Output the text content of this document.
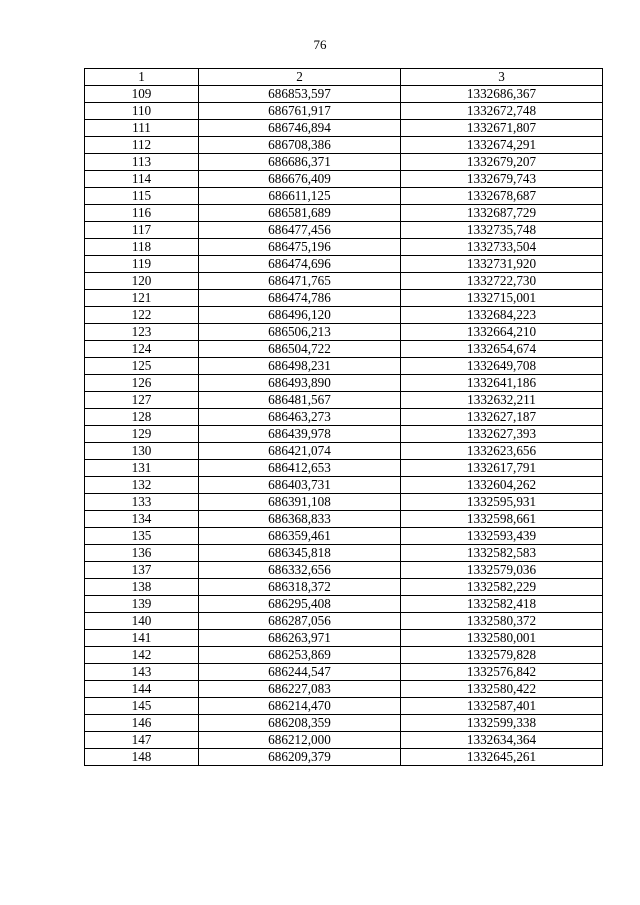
76
1	2	3
109	686853,597	1332686,367
110	686761,917	1332672,748
111	686746,894	1332671,807
112	686708,386	1332674,291
113	686686,371	1332679,207
114	686676,409	1332679,743
115	686611,125	1332678,687
116	686581,689	1332687,729
117	686477,456	1332735,748
118	686475,196	1332733,504
119	686474,696	1332731,920
120	686471,765	1332722,730
121	686474,786	1332715,001
122	686496,120	1332684,223
123	686506,213	1332664,210
124	686504,722	1332654,674
125	686498,231	1332649,708
126	686493,890	1332641,186
127	686481,567	1332632,211
128	686463,273	1332627,187
129	686439,978	1332627,393
130	686421,074	1332623,656
131	686412,653	1332617,791
132	686403,731	1332604,262
133	686391,108	1332595,931
134	686368,833	1332598,661
135	686359,461	1332593,439
136	686345,818	1332582,583
137	686332,656	1332579,036
138	686318,372	1332582,229
139	686295,408	1332582,418
140	686287,056	1332580,372
141	686263,971	1332580,001
142	686253,869	1332579,828
143	686244,547	1332576,842
144	686227,083	1332580,422
145	686214,470	1332587,401
146	686208,359	1332599,338
147	686212,000	1332634,364
148	686209,379	1332645,261
